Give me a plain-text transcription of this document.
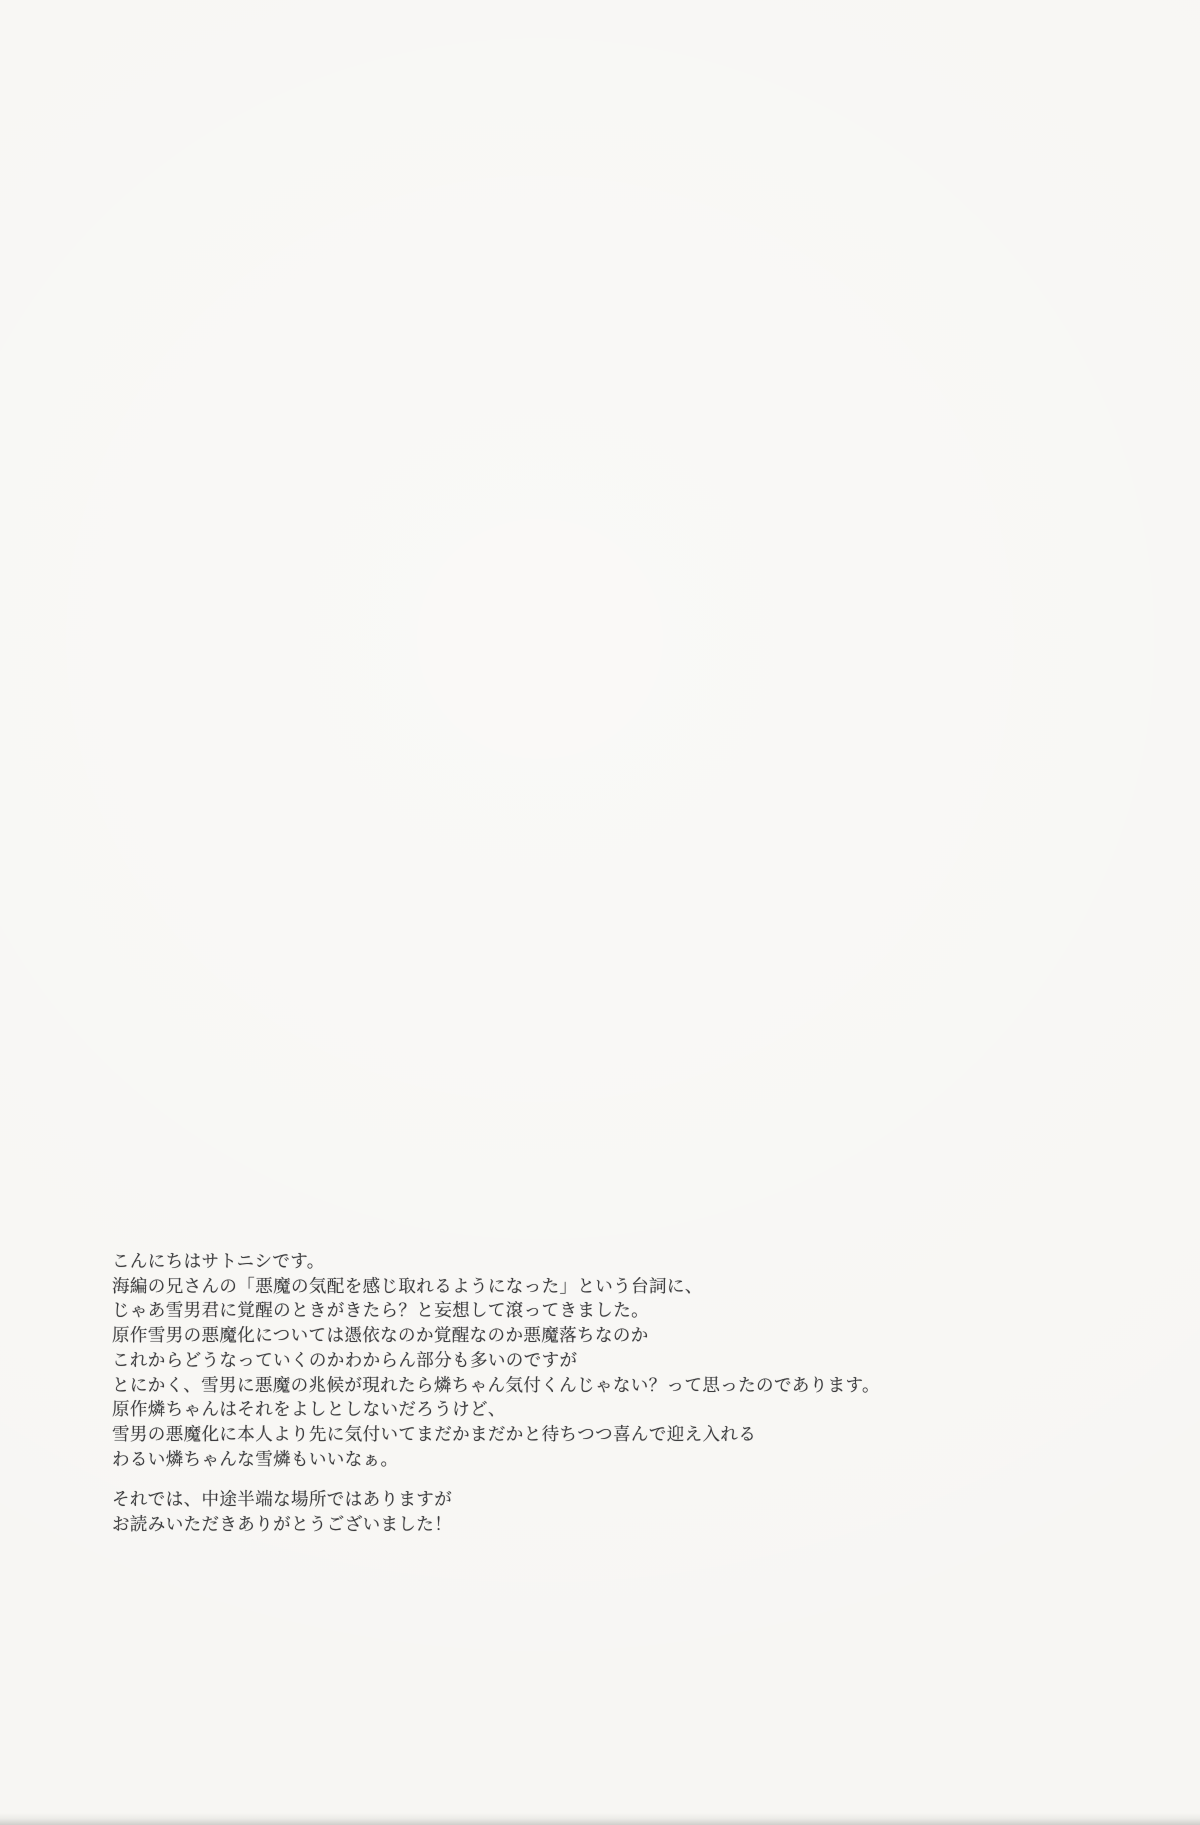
こんにちはサトニシです。
海編の兄さんの「悪魔の気配を感じ取れるようになった」という台詞に、
じゃあ雪男君に覚醒のときがきたら？と妄想して滾ってきました。
原作雪男の悪魔化については憑依なのか覚醒なのか悪魔落ちなのか
これからどうなっていくのかわからん部分も多いのですが
とにかく、雪男に悪魔の兆候が現れたら燐ちゃん気付くんじゃない？って思ったのであります。
原作燐ちゃんはそれをよしとしないだろうけど、
雪男の悪魔化に本人より先に気付いてまだかまだかと待ちつつ喜んで迎え入れる
わるい燐ちゃんな雪燐もいいなぁ。
それでは、中途半端な場所ではありますが
お読みいただきありがとうございました！
